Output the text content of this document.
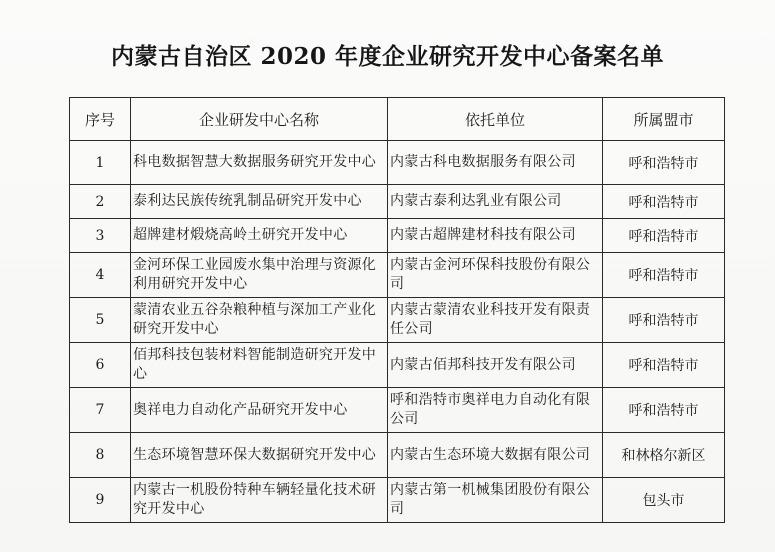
内蒙古自治区 2020 年度企业研究开发中心备案名单
序号	企业研发中心名称	依托单位	所属盟市
1	科电数据智慧大数据服务研究开发中心	内蒙古科电数据服务有限公司	呼和浩特市
2	泰利达民族传统乳制品研究开发中心	内蒙古泰利达乳业有限公司	呼和浩特市
3	超牌建材煅烧高岭土研究开发中心	内蒙古超牌建材科技有限公司	呼和浩特市
4	金河环保工业园废水集中治理与资源化利用研究开发中心	内蒙古金河环保科技股份有限公司	呼和浩特市
5	蒙清农业五谷杂粮种植与深加工产业化研究开发中心	内蒙古蒙清农业科技开发有限责任公司	呼和浩特市
6	佰邦科技包装材料智能制造研究开发中心	内蒙古佰邦科技开发有限公司	呼和浩特市
7	奥祥电力自动化产品研究开发中心	呼和浩特市奥祥电力自动化有限公司	呼和浩特市
8	生态环境智慧环保大数据研究开发中心	内蒙古生态环境大数据有限公司	和林格尔新区
9	内蒙古一机股份特种车辆轻量化技术研究开发中心	内蒙古第一机械集团股份有限公司	包头市
